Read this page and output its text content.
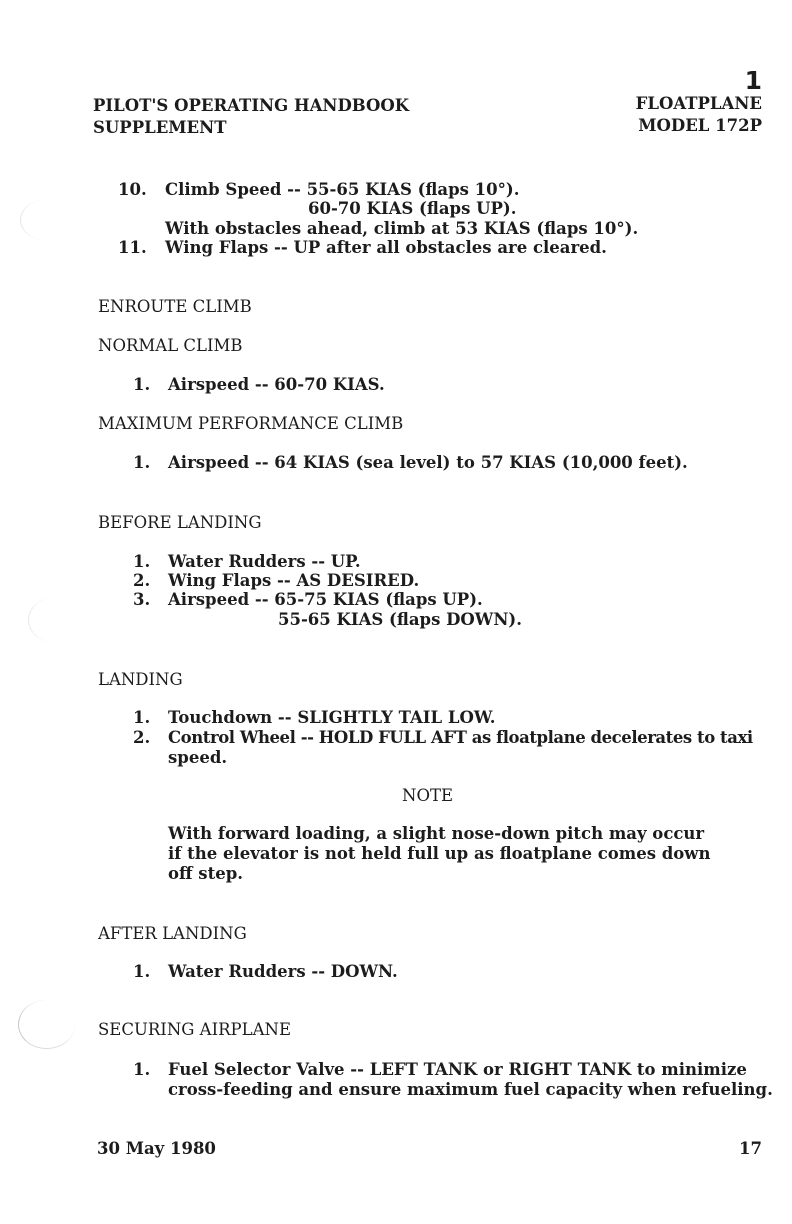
1
PILOT'S OPERATING HANDBOOK
SUPPLEMENT
FLOATPLANE
MODEL 172P
10. Climb Speed -- 55-65 KIAS (flaps 10°).
60-70 KIAS (flaps UP).
With obstacles ahead, climb at 53 KIAS (flaps 10°).
11. Wing Flaps -- UP after all obstacles are cleared.
ENROUTE CLIMB
NORMAL CLIMB
1. Airspeed -- 60-70 KIAS.
MAXIMUM PERFORMANCE CLIMB
1. Airspeed -- 64 KIAS (sea level) to 57 KIAS (10,000 feet).
BEFORE LANDING
1. Water Rudders -- UP.
2. Wing Flaps -- AS DESIRED.
3. Airspeed -- 65-75 KIAS (flaps UP).
55-65 KIAS (flaps DOWN).
LANDING
1. Touchdown -- SLIGHTLY TAIL LOW.
2. Control Wheel -- HOLD FULL AFT as floatplane decelerates to taxi
speed.
NOTE
With forward loading, a slight nose-down pitch may occur
if the elevator is not held full up as floatplane comes down
off step.
AFTER LANDING
1. Water Rudders -- DOWN.
SECURING AIRPLANE
1. Fuel Selector Valve -- LEFT TANK or RIGHT TANK to minimize
cross-feeding and ensure maximum fuel capacity when refueling.
30 May 1980	17
